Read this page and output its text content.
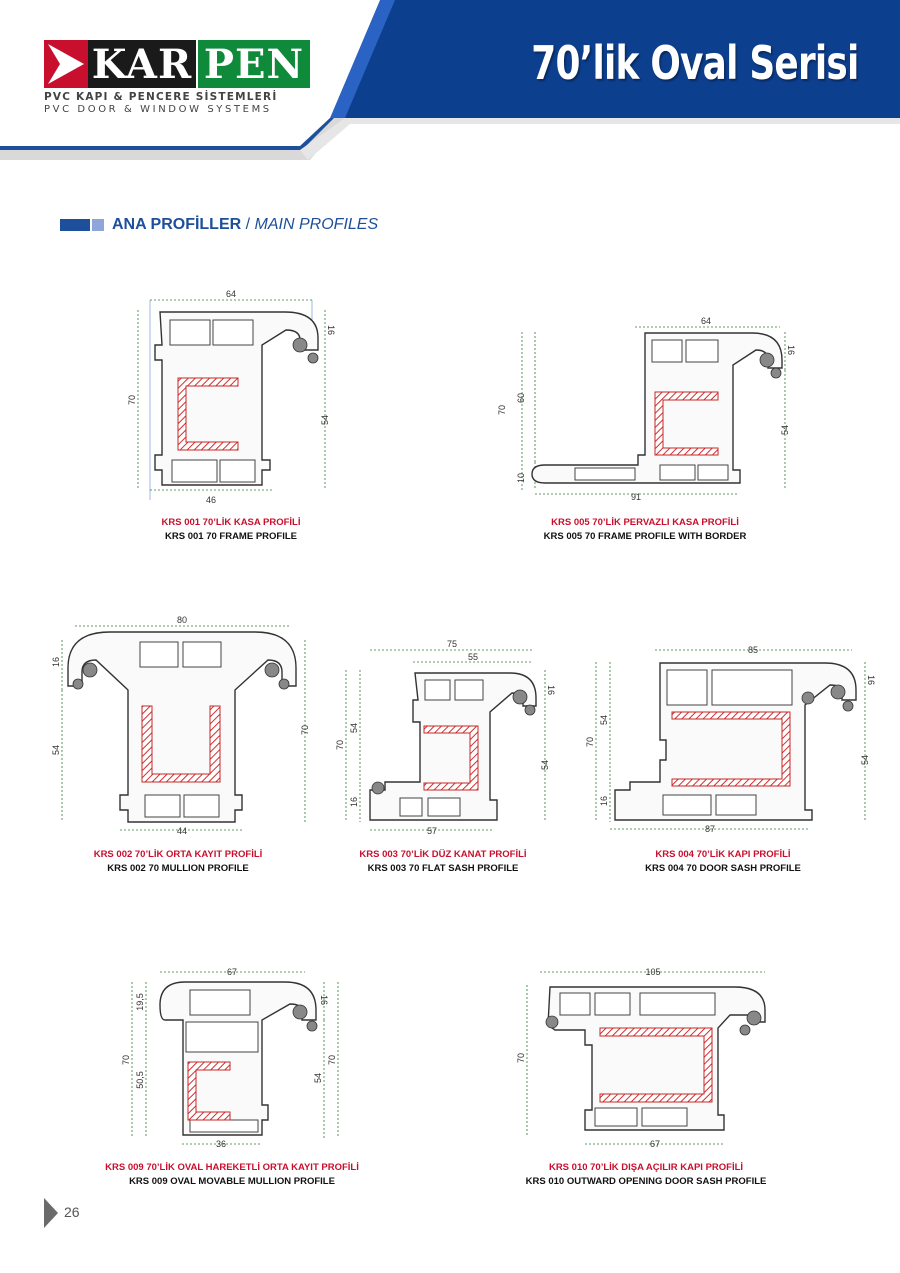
KAR PEN
PVC KAPI & PENCERE SİSTEMLERİ
PVC DOOR & WINDOW SYSTEMS
70’lik Oval Serisi
ANA PROFİLLER / MAIN PROFILES
64
46
70
16
54
64
91
70
60
10
16
54
80
44
16
54
70
75
55
57
70
54
16
16
54
85
87
70
54
16
16
54
67
36
70
19,5
50,5
16
54
70
105
67
70
KRS 001 70’LİK KASA PROFİLİ
KRS 001 70 FRAME PROFILE
KRS 005 70’LİK PERVAZLI KASA PROFİLİ
KRS 005 70 FRAME PROFILE WITH BORDER
KRS 002 70’LİK ORTA KAYIT PROFİLİ
KRS 002 70 MULLION PROFILE
KRS 003 70’LİK DÜZ KANAT PROFİLİ
KRS 003 70 FLAT SASH PROFILE
KRS 004 70’LİK KAPI PROFİLİ
KRS 004 70 DOOR SASH PROFILE
KRS 009 70’LİK OVAL HAREKETLİ ORTA KAYIT PROFİLİ
KRS 009 OVAL MOVABLE MULLION PROFILE
KRS 010 70’LİK DIŞA AÇILIR KAPI PROFİLİ
KRS 010 OUTWARD OPENING DOOR SASH PROFILE
26
